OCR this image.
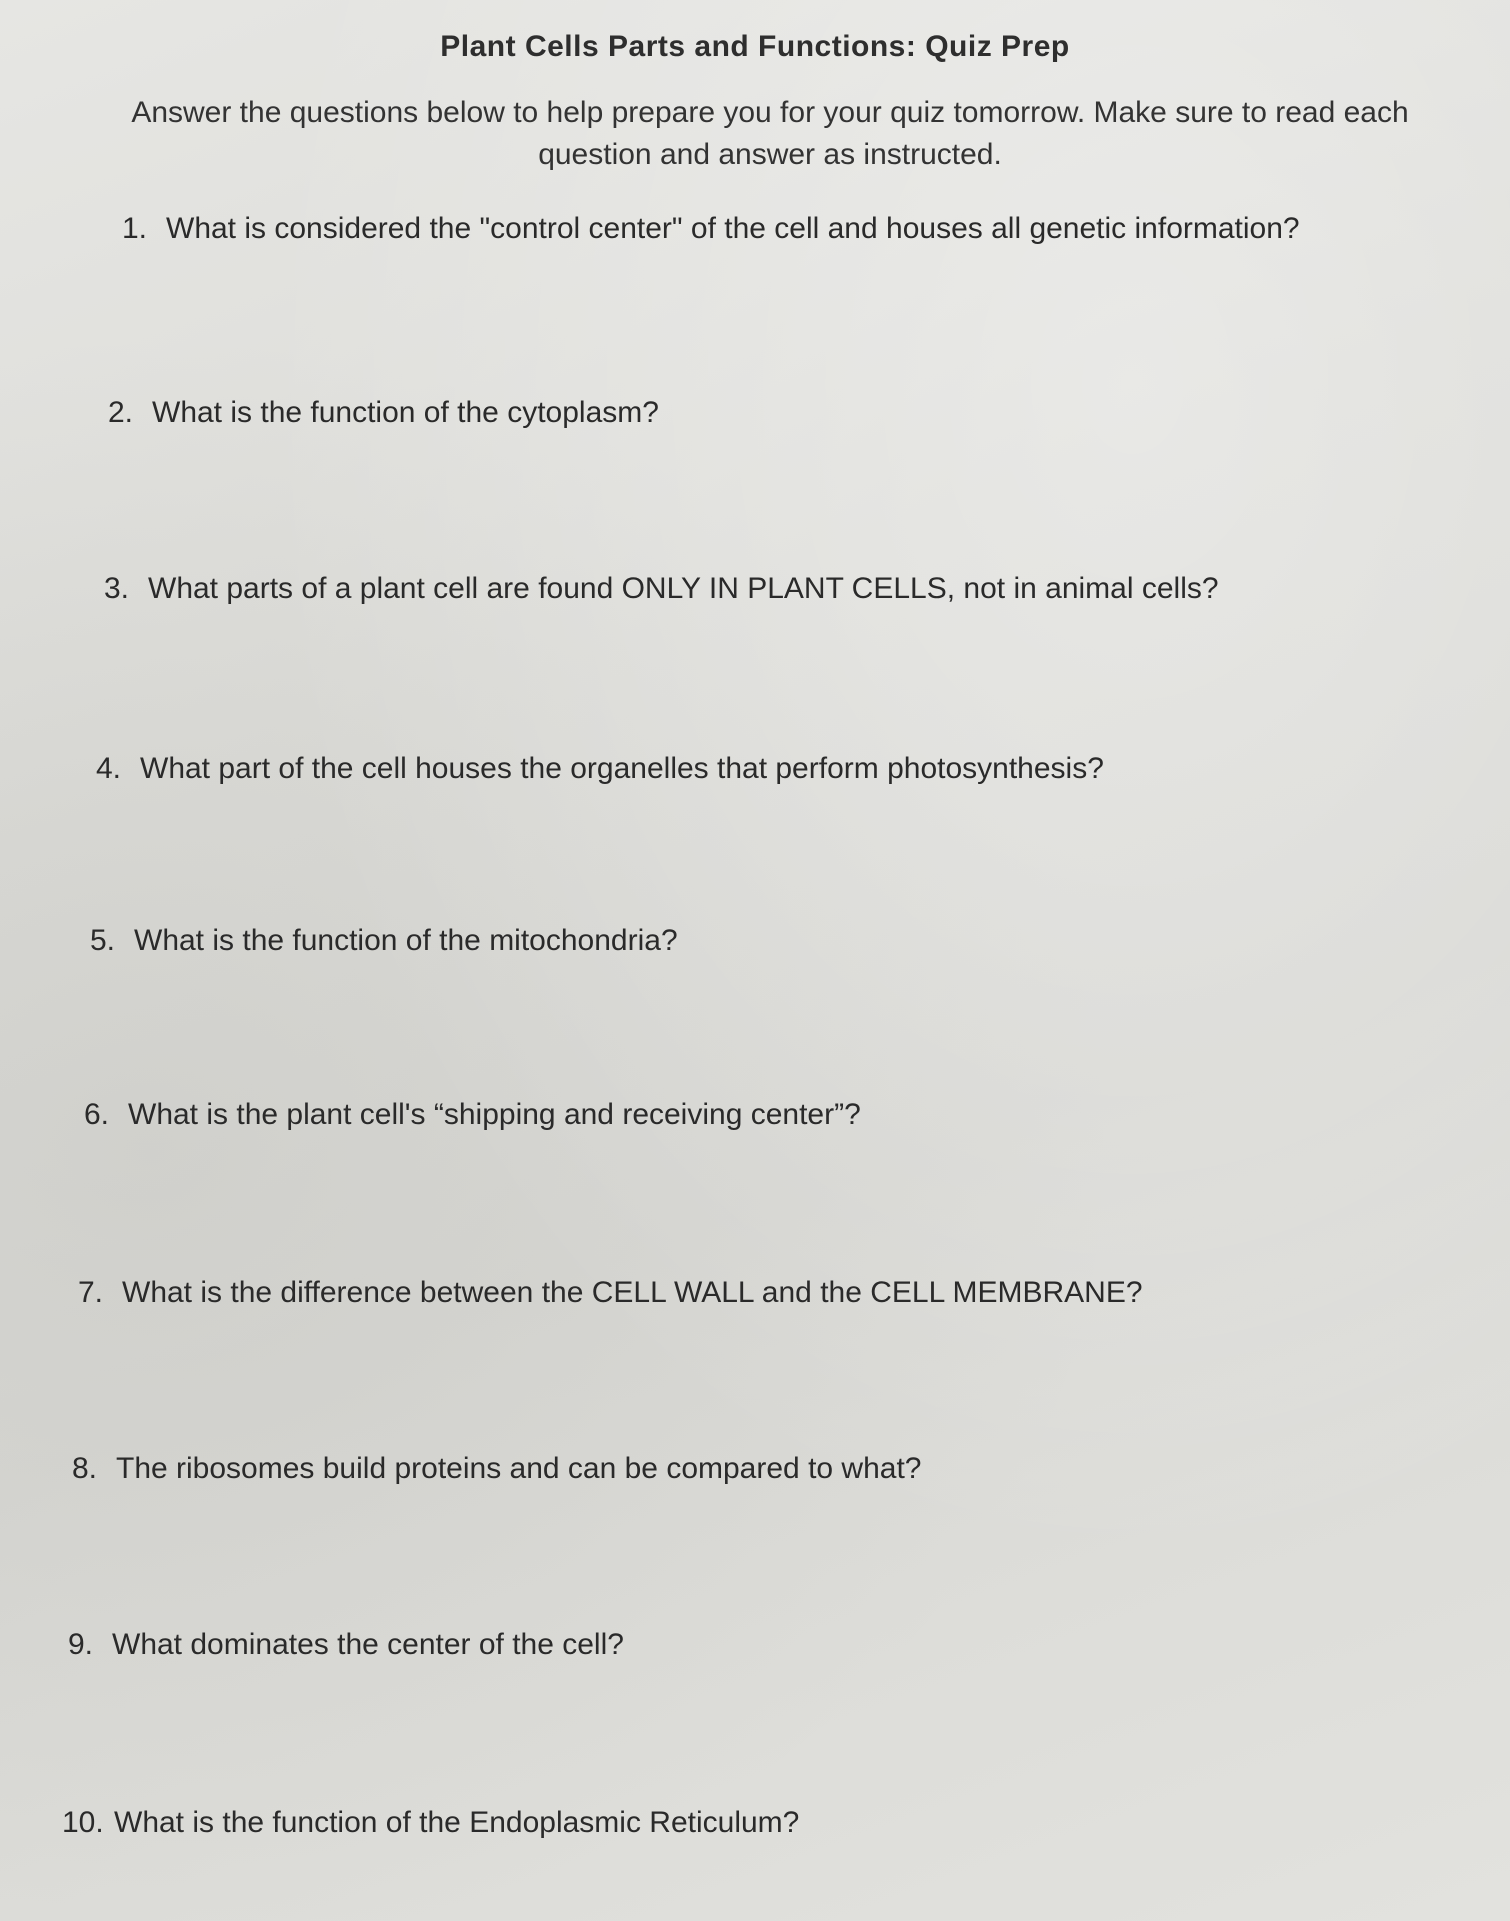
Plant Cells Parts and Functions: Quiz Prep
Answer the questions below to help prepare you for your quiz tomorrow. Make sure to read each question and answer as instructed.
1. What is considered the "control center" of the cell and houses all genetic information?
2. What is the function of the cytoplasm?
3. What parts of a plant cell are found ONLY IN PLANT CELLS, not in animal cells?
4. What part of the cell houses the organelles that perform photosynthesis?
5. What is the function of the mitochondria?
6. What is the plant cell's “shipping and receiving center”?
7. What is the difference between the CELL WALL and the CELL MEMBRANE?
8. The ribosomes build proteins and can be compared to what?
9. What dominates the center of the cell?
10. What is the function of the Endoplasmic Reticulum?
